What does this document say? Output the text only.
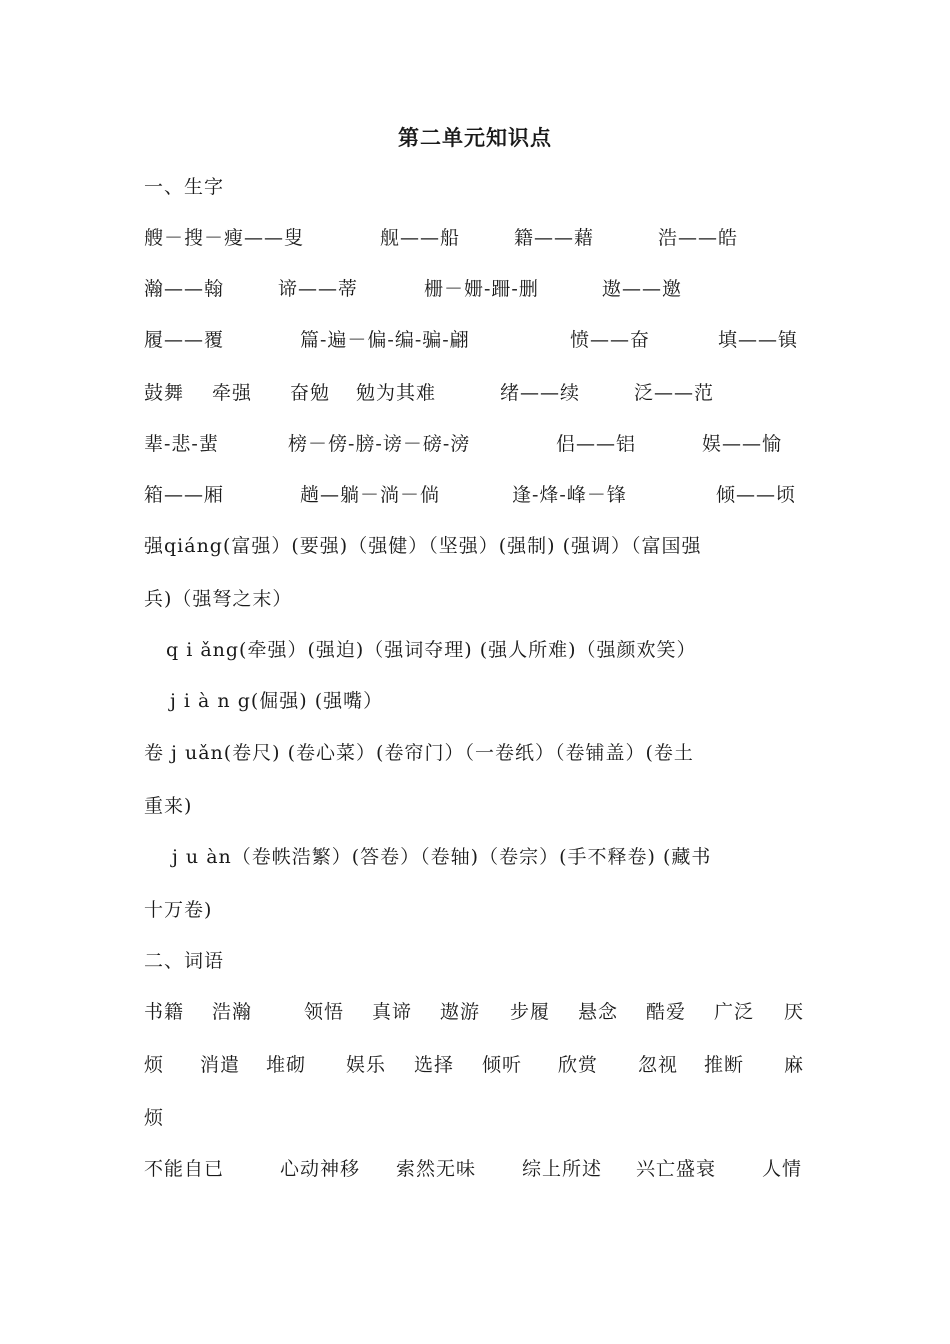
第二单元知识点
一、生字
艘－搜－瘦——叟	舰——船	籍——藉	浩——皓
瀚——翰	谛——蒂	栅－姗-跚-删	遨——邀
履——覆	篇-遍－偏-编-骗-翩	愤——奋	填——镇
鼓舞 牵强 奋勉 勉为其难	绪——续	泛——范
辈-悲-蜚	榜－傍-膀-谤－磅-滂	侣——铝	娱——愉
箱——厢	趟—躺－淌－倘	逢-烽-峰－锋	倾——顷
强qiáng(富强）(要强)（强健）（坚强）(强制) (强调）（富国强
兵)（强弩之末）
q i ǎng(牵强）(强迫)（强词夺理) (强人所难)（强颜欢笑）
j i à n g(倔强) (强嘴）
卷 j uǎn(卷尺) (卷心菜）(卷帘门）（一卷纸）（卷铺盖）(卷土
重来)
j u àn（卷帙浩繁）(答卷）（卷轴)（卷宗）(手不释卷) (藏书
十万卷)
二、词语
书籍 浩瀚	领悟 真谛 遨游 步履 悬念 酷爱 广泛 厌
烦 消遣 堆砌 娱乐 选择 倾听 欣赏 忽视 推断 麻
烦
不能自已	心动神移 索然无味 综上所述 兴亡盛衰 人情
